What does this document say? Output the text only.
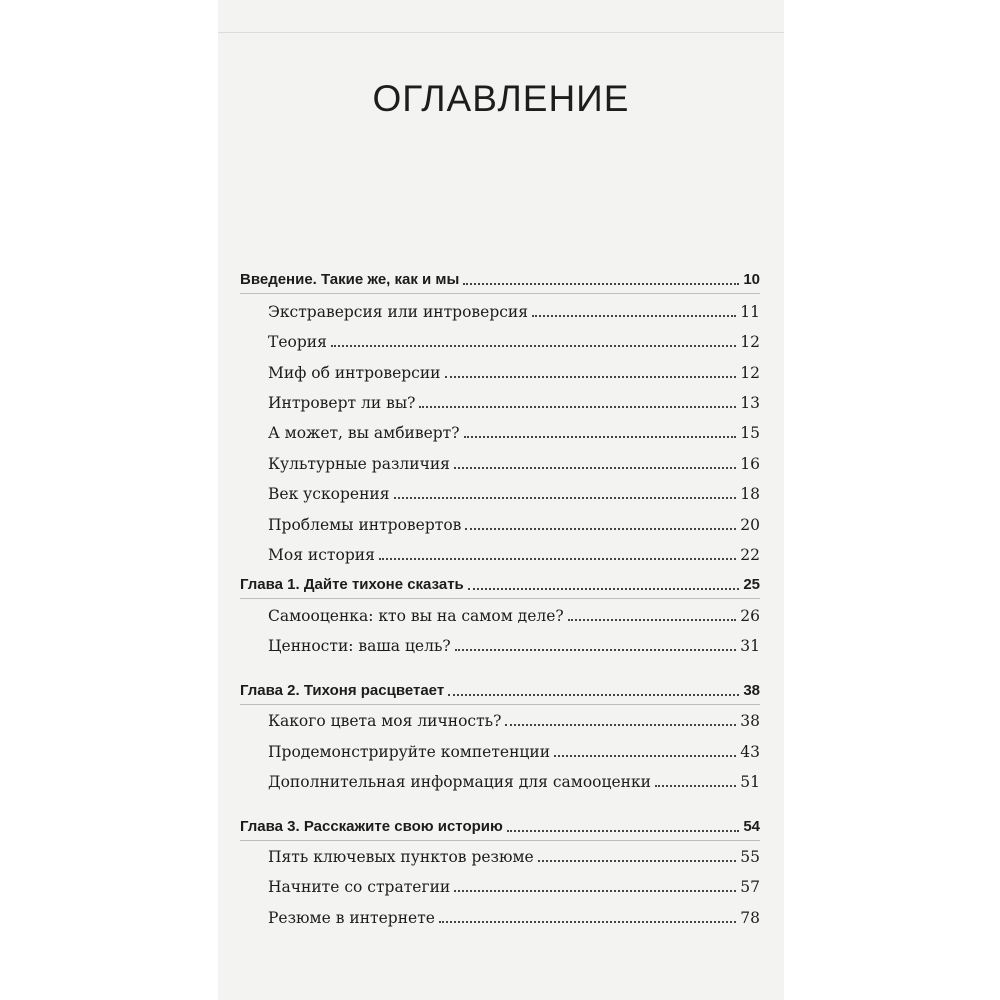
ОГЛАВЛЕНИЕ
Введение. Такие же, как и мы	10
Экстраверсия или интроверсия	11
Теория	12
Миф об интроверсии	12
Интроверт ли вы?	13
А может, вы амбиверт?	15
Культурные различия	16
Век ускорения	18
Проблемы интровертов	20
Моя история	22
Глава 1. Дайте тихоне сказать	25
Самооценка: кто вы на самом деле?	26
Ценности: ваша цель?	31
Глава 2. Тихоня расцветает	38
Какого цвета моя личность?	38
Продемонстрируйте компетенции	43
Дополнительная информация для самооценки	51
Глава 3. Расскажите свою историю	54
Пять ключевых пунктов резюме	55
Начните со стратегии	57
Резюме в интернете	78
